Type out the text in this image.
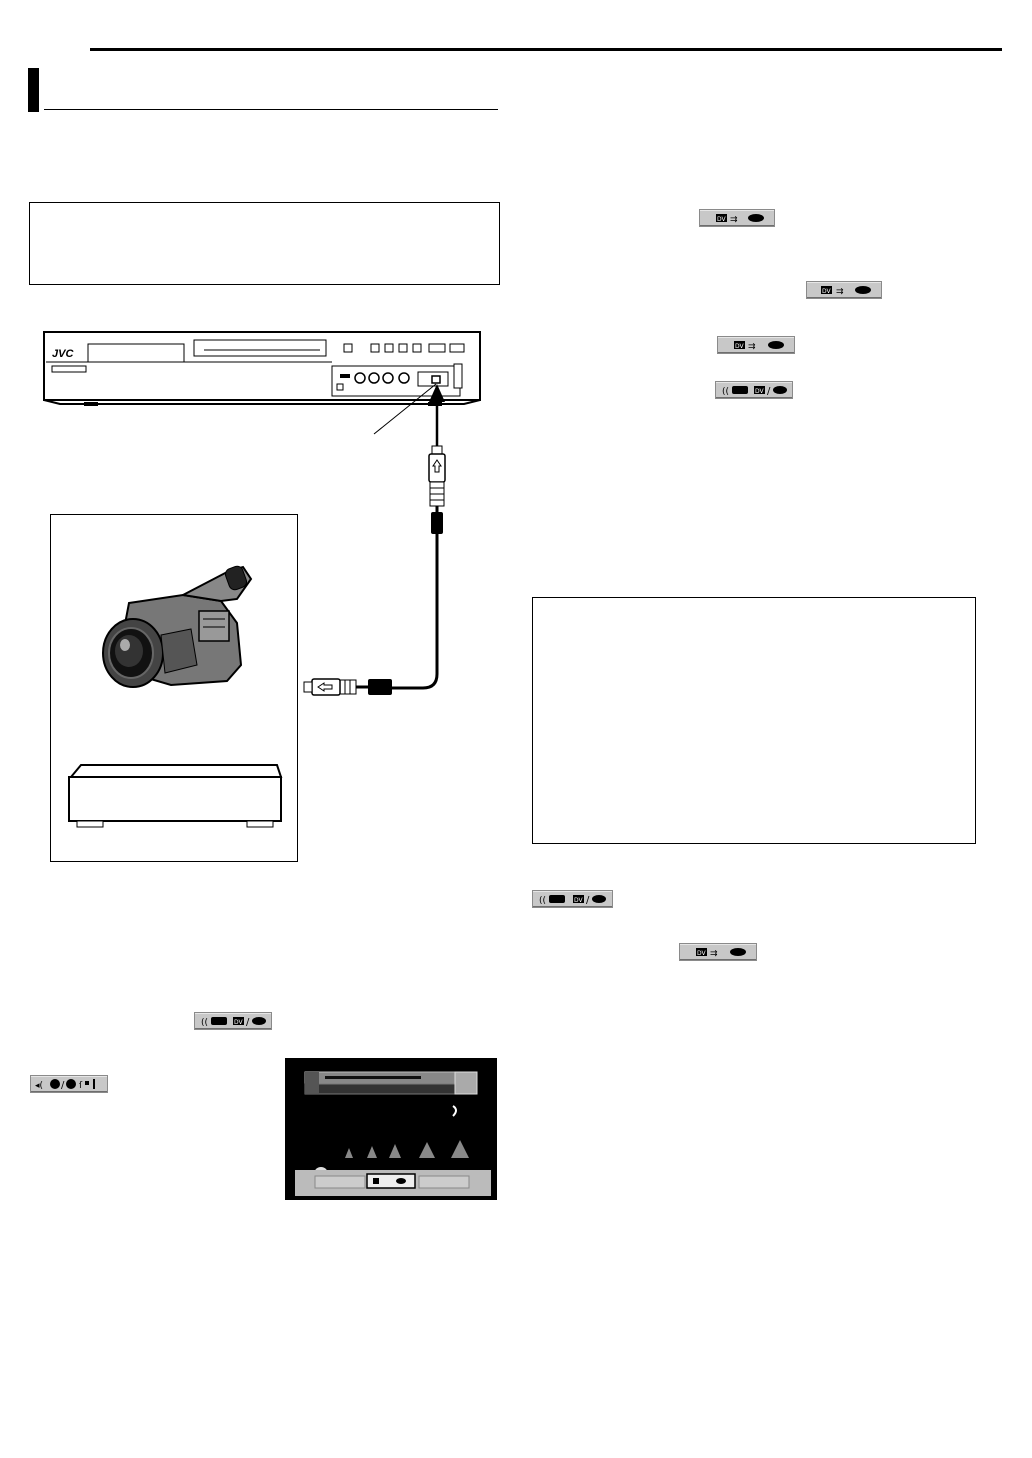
JVC
DV ⇉
DV ⇉
DV ⇉
((	DV /
((	DV /
DV ⇉
((	DV /
◂( / ſ
